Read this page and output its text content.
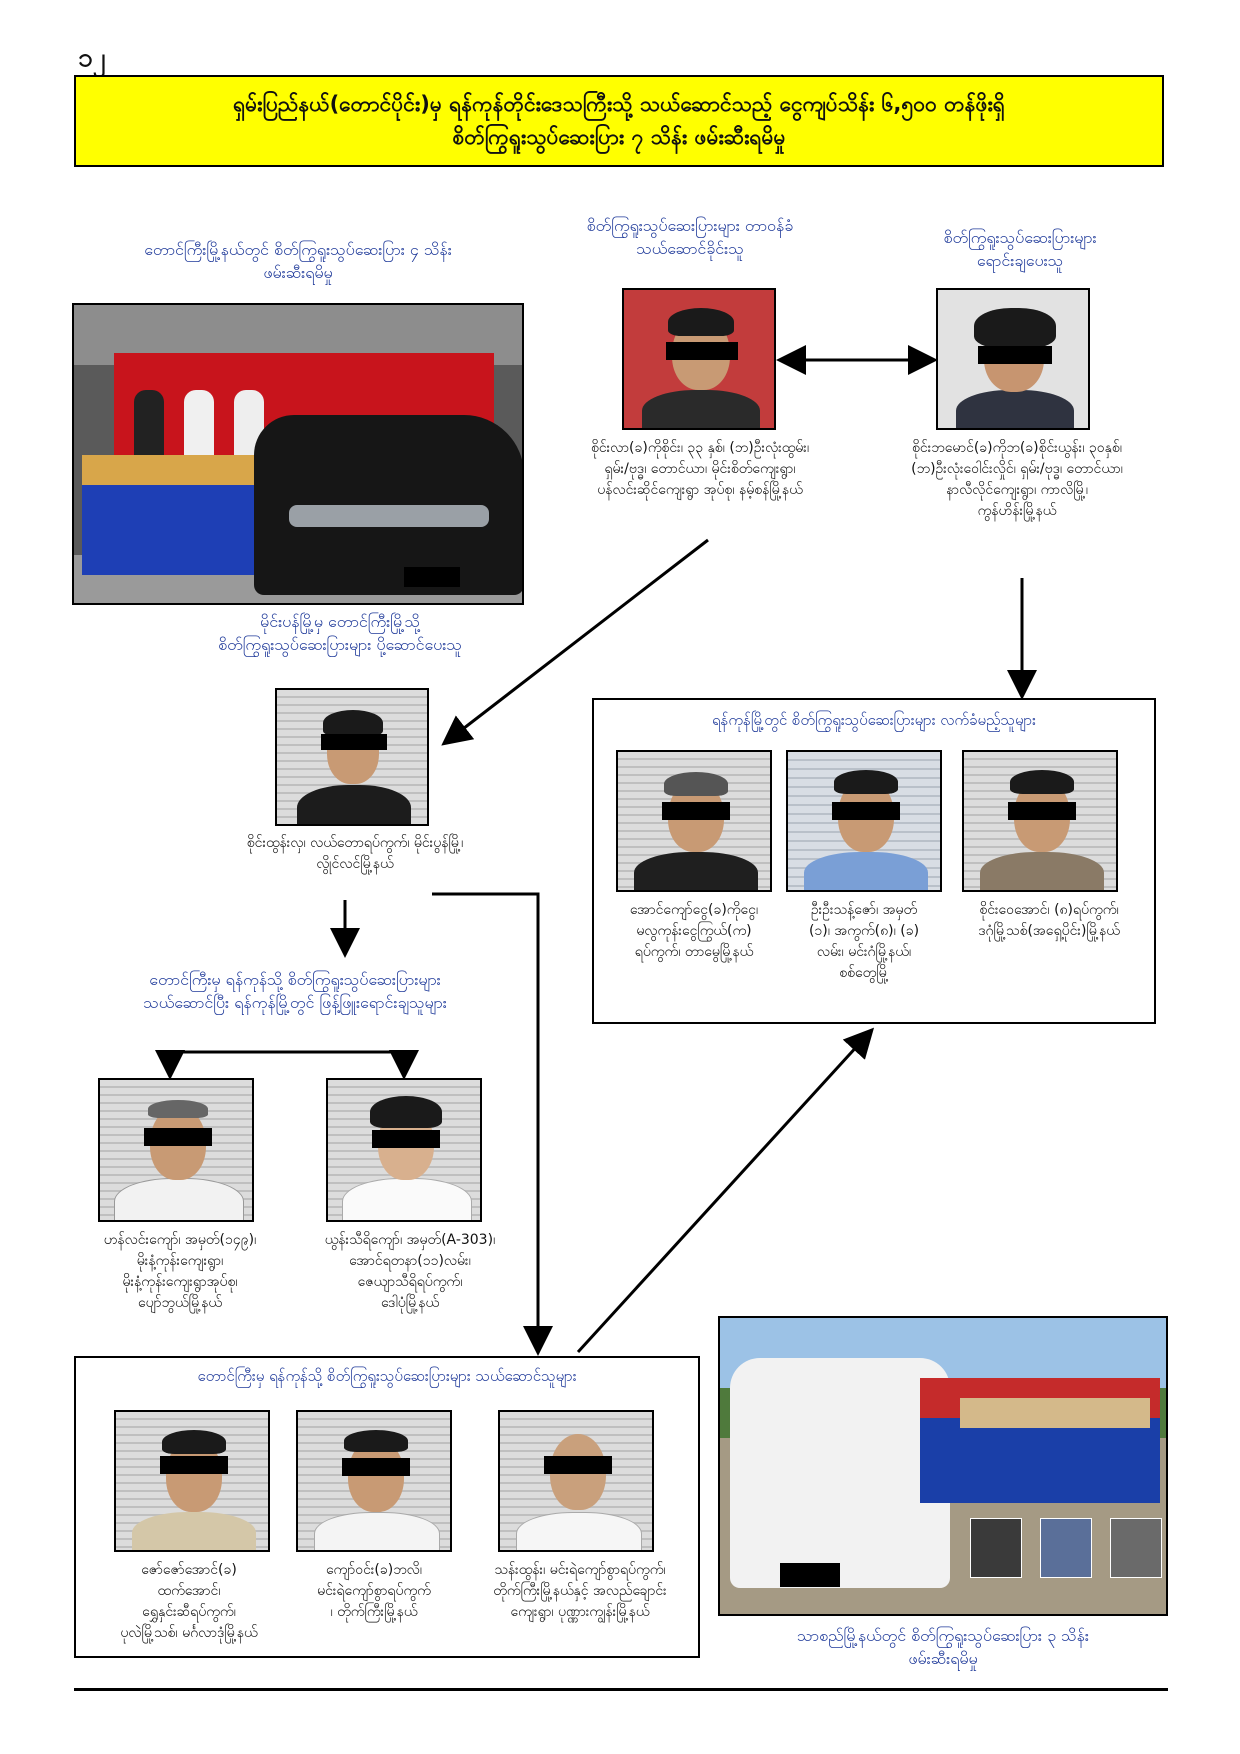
၁၂
ရှမ်းပြည်နယ်(တောင်ပိုင်း)မှ ရန်ကုန်တိုင်းဒေသကြီးသို့ သယ်ဆောင်သည့် ငွေကျပ်သိန်း ၆,၅၀၀ တန်ဖိုးရှိ
စိတ်ကြွရူးသွပ်ဆေးပြား ၇ သိန်း ဖမ်းဆီးရမိမှု
တောင်ကြီးမြို့နယ်တွင် စိတ်ကြွရူးသွပ်ဆေးပြား ၄ သိန်း
ဖမ်းဆီးရမိမှု
မိုင်းပန်မြို့မှ တောင်ကြီးမြို့သို့
စိတ်ကြွရူးသွပ်ဆေးပြားများ ပို့ဆောင်ပေးသူ
စိုင်းထွန်းလှ၊ လယ်တောရပ်ကွက်၊ မိုင်းပွန်မြို့၊
လွိုင်လင်မြို့နယ်
စိတ်ကြွရူးသွပ်ဆေးပြားများ တာဝန်ခံ
သယ်ဆောင်ခိုင်းသူ
စိုင်းလာ(ခ)ကိုစိုင်း၊ ၃၃ နှစ်၊ (ဘ)ဦးလုံးထွမ်း၊
ရှမ်း/ဗုဒ္ဓ၊ တောင်ယာ၊ မိုင်းစိတ်ကျေးရွာ၊
ပန်လင်းဆိုင်ကျေးရွာ အုပ်စု၊ နမ့်စန်မြို့နယ်
စိတ်ကြွရူးသွပ်ဆေးပြားများ
ရောင်းချပေးသူ
စိုင်းဘမောင်(ခ)ကိုဘ(ခ)စိုင်းယွန်း၊ ၃၀နှစ်၊
(ဘ)ဦးလုံးဝေါင်းလှိုင်၊ ရှမ်း/ဗုဒ္ဓ၊ တောင်ယာ၊
နာလီလိုင်ကျေးရွာ၊ ကာလိမြို့၊
ကွန်ဟိန်းမြို့နယ်
ရန်ကုန်မြို့တွင် စိတ်ကြွရူးသွပ်ဆေးပြားများ လက်ခံမည့်သူများ
အောင်ကျော်ငွေ(ခ)ကိုငွေ၊
မလွကုန်းငွေကြွယ်(က)
ရပ်ကွက်၊ တာမွေမြို့နယ်
ဦးဦးသန့်ဇော်၊ အမှတ်
(၁)၊ အကွက်(၈)၊ (ခ)
လမ်း၊ မင်းဂံမြို့နယ်၊
စစ်တွေမြို့
စိုင်းဝေအောင်၊ (၈)ရပ်ကွက်၊
ဒဂုံမြို့သစ်(အရှေ့ပိုင်း)မြို့နယ်
တောင်ကြီးမှ ရန်ကုန်သို့ စိတ်ကြွရူးသွပ်ဆေးပြားများ
သယ်ဆောင်ပြီး ရန်ကုန်မြို့တွင် ဖြန့်ဖြူးရောင်းချသူများ
ဟန်လင်းကျော်၊ အမှတ်(၁၄၉)၊
မိုးနံ့ကုန်းကျေးရွာ၊
မိုးနံ့ကုန်းကျေးရွာအုပ်စု၊
ပျော်ဘွယ်မြို့နယ်
ယွန်းသီရိကျော်၊ အမှတ်(A-303)၊
အောင်ရတနာ(၁၁)လမ်း၊
ဇေယျာသီရိရပ်ကွက်၊
ဒေါပုံမြို့နယ်
တောင်ကြီးမှ ရန်ကုန်သို့ စိတ်ကြွရူးသွပ်ဆေးပြားများ သယ်ဆောင်သူများ
ဇော်ဇော်အောင်(ခ)
ထက်အောင်၊
ရွှေနှင်းဆီရပ်ကွက်၊
ပုလဲမြို့သစ်၊ မင်္ဂလာဒုံမြို့နယ်
ကျော်ဝင်း(ခ)ဘလိ၊
မင်းရဲကျော်စွာရပ်ကွက်
၊ တိုက်ကြီးမြို့နယ်
သန်းထွန်း၊ မင်းရဲကျော်စွာရပ်ကွက်၊
တိုက်ကြီးမြို့နယ်နှင့် အလည်ချောင်း
ကျေးရွာ၊ ပုဏ္ဏားကျွန်းမြို့နယ်
သာစည်မြို့နယ်တွင် စိတ်ကြွရူးသွပ်ဆေးပြား ၃ သိန်း
ဖမ်းဆီးရမိမှု
